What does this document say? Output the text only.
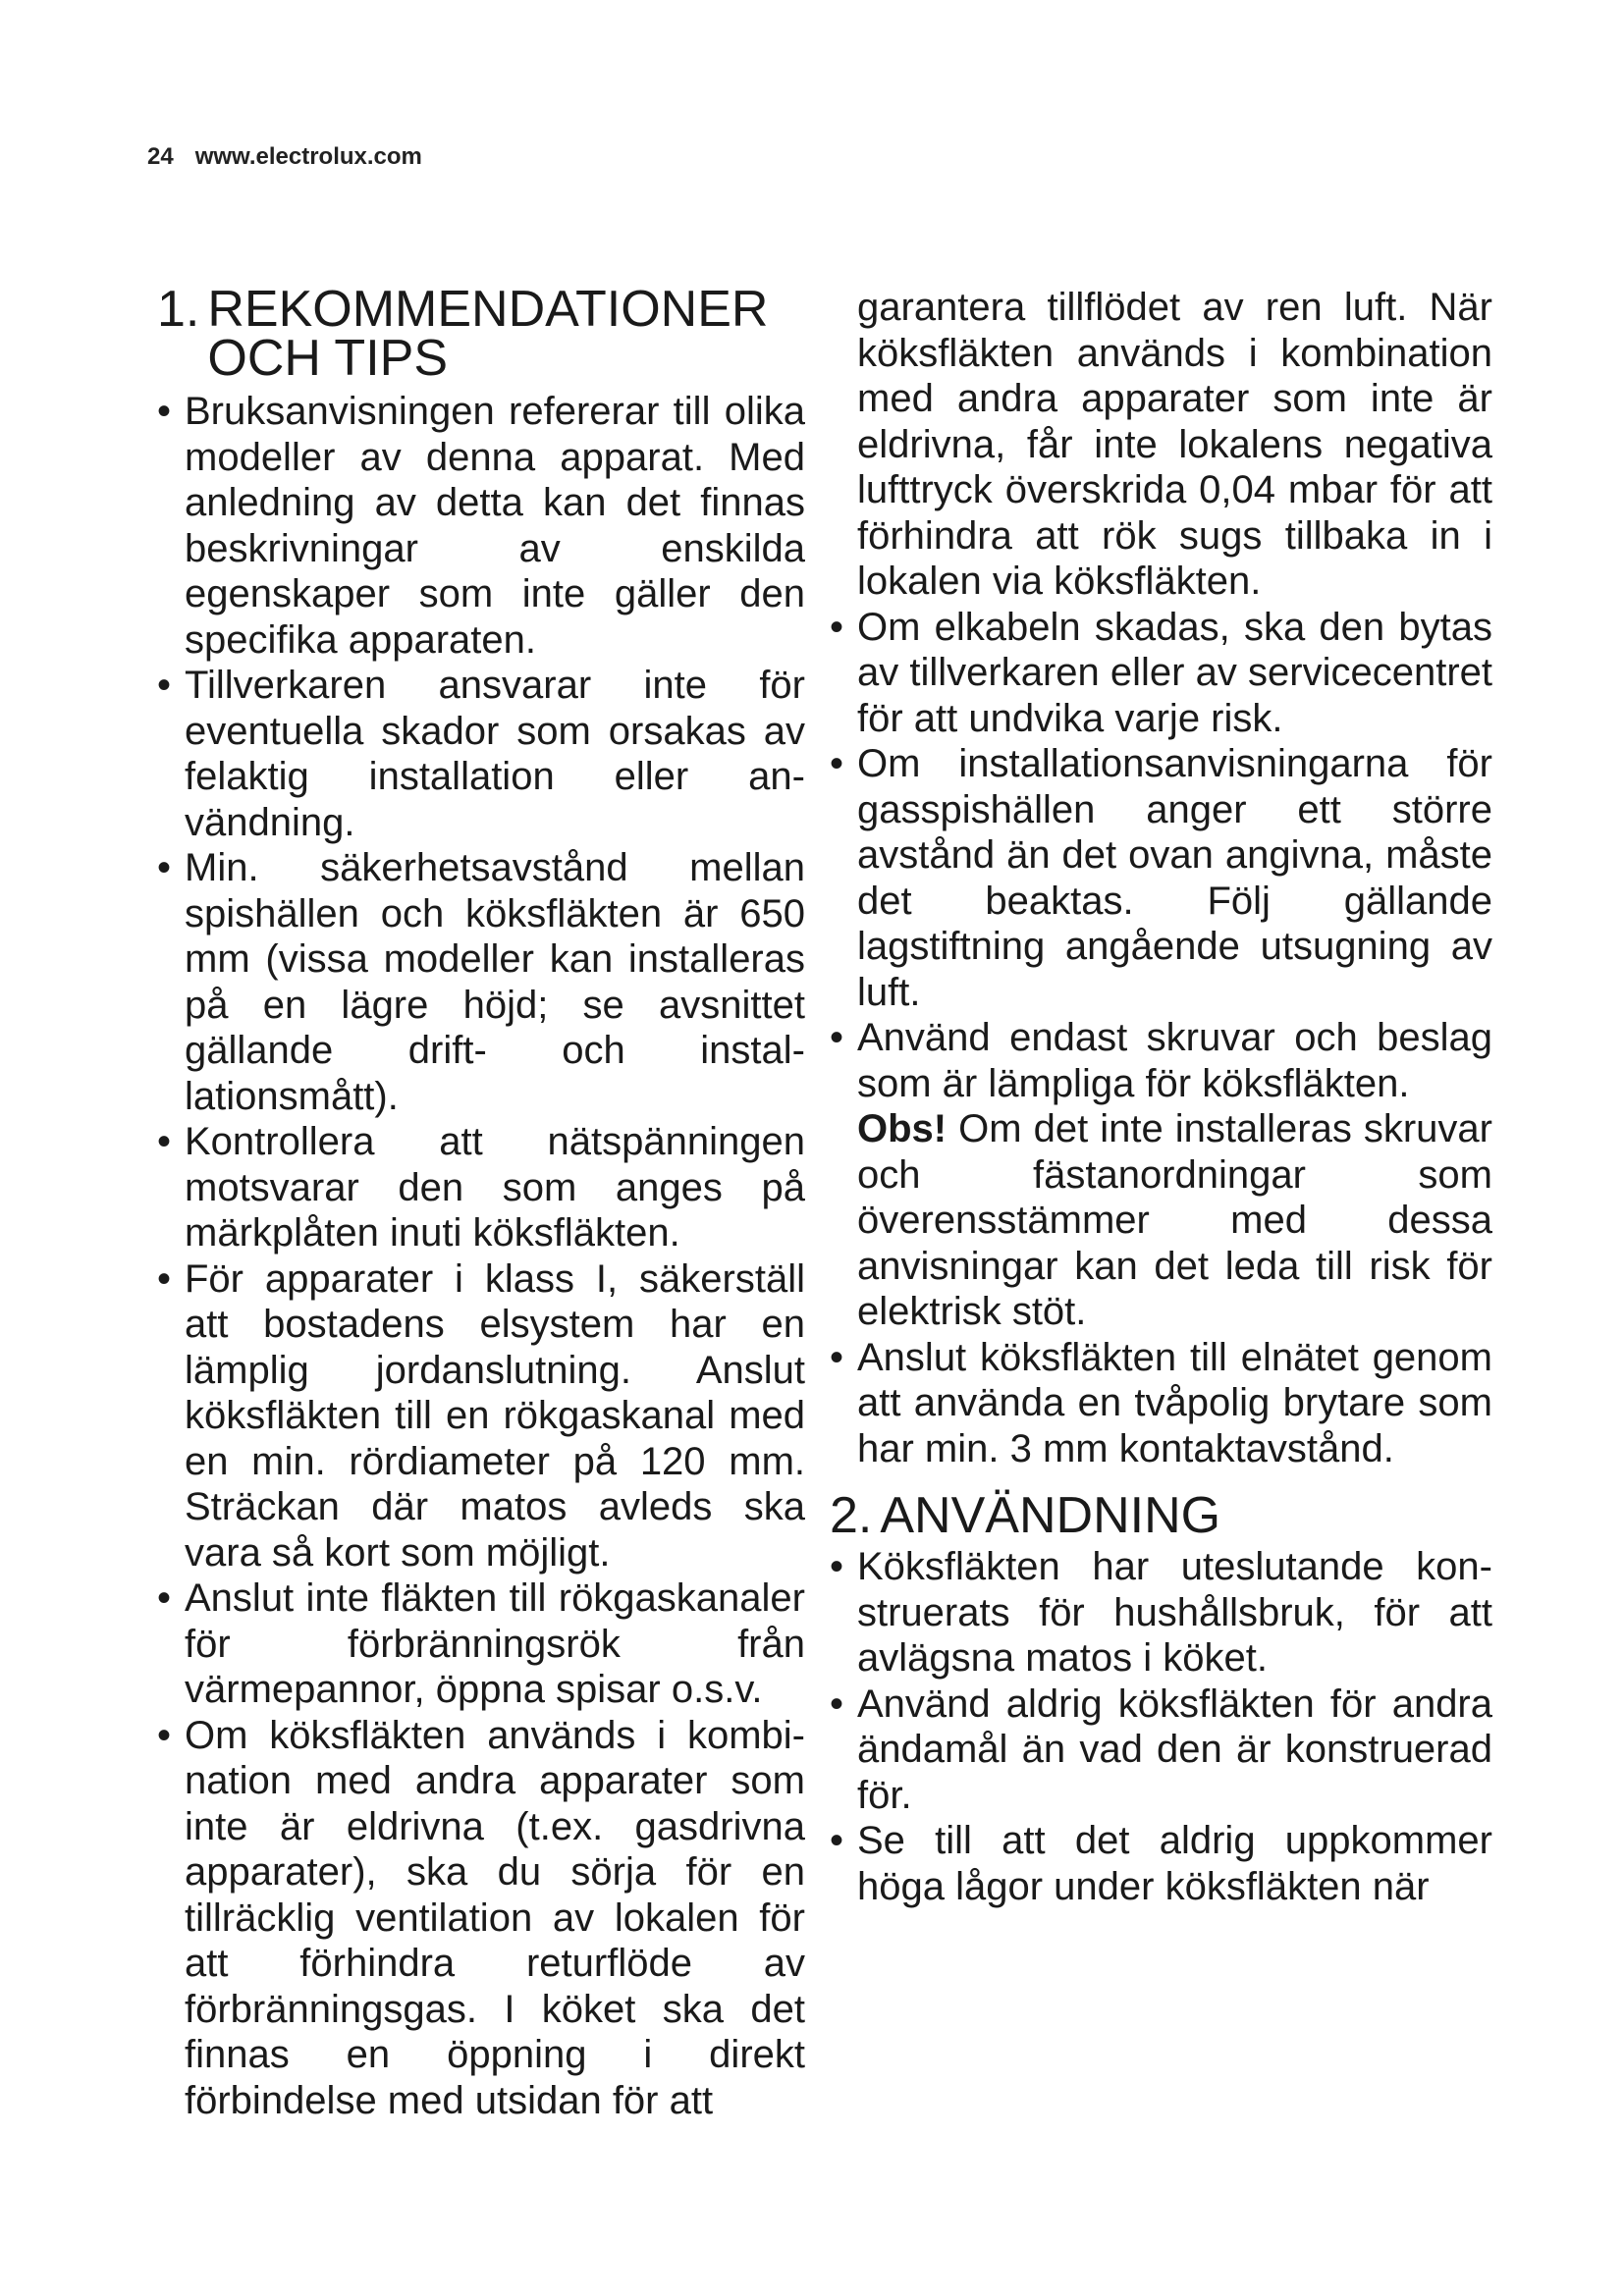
24 www.electrolux.com
1. REKOMMENDATIONER OCH TIPS
• Bruksanvisningen refererar till olika modeller av denna apparat. Med anledning av detta kan det finnas beskrivningar av enskilda egenskaper som inte gäller den specifika apparaten.
• Tillverkaren ansvarar inte för eventuella skador som orsakas av felaktig installation eller användning.
• Min. säkerhetsavstånd mellan spishällen och köksfläkten är 650 mm (vissa modeller kan installeras på en lägre höjd; se avsnittet gällande drift- och installationsmått).
• Kontrollera att nätspänningen motsvarar den som anges på märkplåten inuti köksfläkten.
• För apparater i klass I, säkerställ att bostadens elsystem har en lämplig jordanslutning. Anslut köksfläkten till en rökgaskanal med en min. rördiameter på 120 mm. Sträckan där matos avleds ska vara så kort som möjligt.
• Anslut inte fläkten till rökgaskanaler för förbränningsrök från värmepannor, öppna spisar o.s.v.
• Om köksfläkten används i kombination med andra apparater som inte är eldrivna (t.ex. gasdrivna apparater), ska du sörja för en tillräcklig ventilation av lokalen för att förhindra returflöde av förbränningsgas. I köket ska det finnas en öppning i direkt förbindelse med utsidan för att
garantera tillflödet av ren luft. När köksfläkten används i kombination med andra apparater som inte är eldrivna, får inte lokalens negativa lufttryck överskrida 0,04 mbar för att förhindra att rök sugs tillbaka in i lokalen via köksfläkten.
• Om elkabeln skadas, ska den bytas av tillverkaren eller av servicecentret för att undvika varje risk.
• Om installationsanvisningarna för gasspishällen anger ett större avstånd än det ovan angivna, måste det beaktas. Följ gällande lagstiftning angående utsugning av luft.
• Använd endast skruvar och beslag som är lämpliga för köksfläkten.
Obs! Om det inte installeras skruvar och fästanordningar som överensstämmer med dessa anvisningar kan det leda till risk för elektrisk stöt.
• Anslut köksfläkten till elnätet genom att använda en tvåpolig brytare som har min. 3 mm kontaktavstånd.
2. ANVÄNDNING
• Köksfläkten har uteslutande konstruerats för hushållsbruk, för att avlägsna matos i köket.
• Använd aldrig köksfläkten för andra ändamål än vad den är konstruerad för.
• Se till att det aldrig uppkommer höga lågor under köksfläkten när
